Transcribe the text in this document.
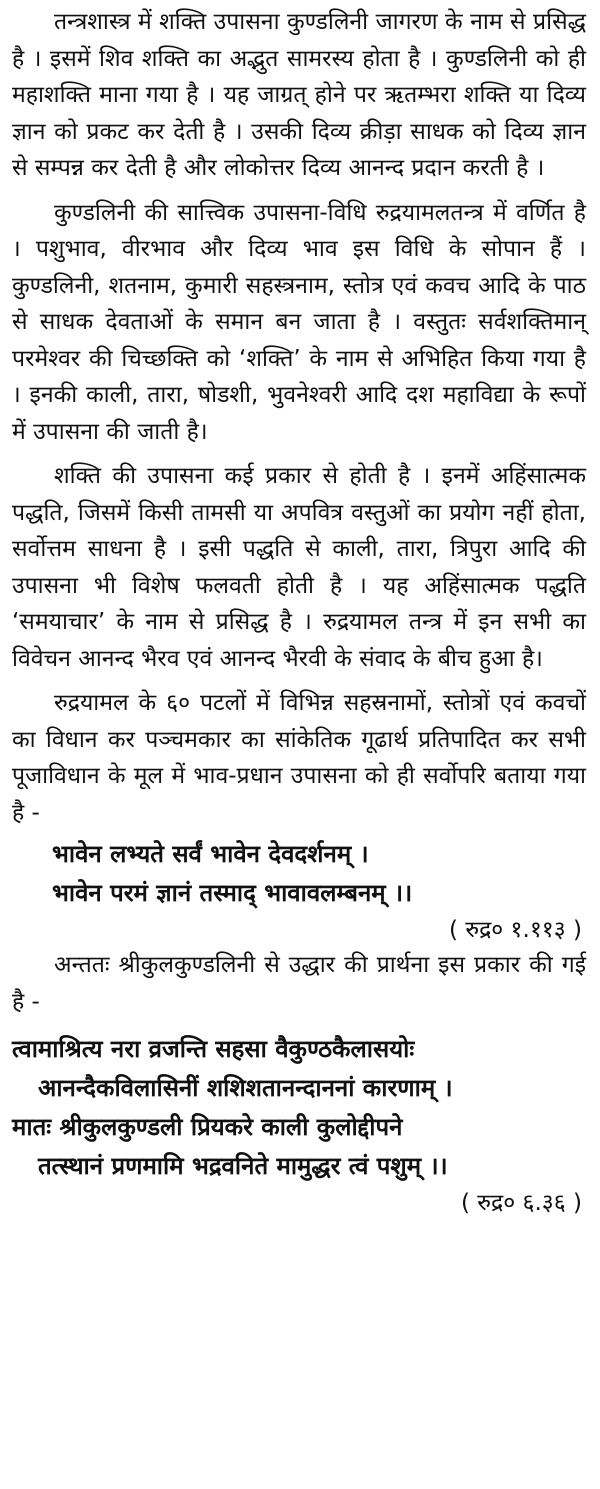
तन्त्रशास्त्र में शक्ति उपासना कुण्डलिनी जागरण के नाम से प्रसिद्ध है । इसमें शिव शक्ति का अद्भुत सामरस्य होता है । कुण्डलिनी को ही महाशक्ति माना गया है । यह जाग्रत् होने पर ऋतम्भरा शक्ति या दिव्य ज्ञान को प्रकट कर देती है । उसकी दिव्य क्रीड़ा साधक को दिव्य ज्ञान से सम्पन्न कर देती है और लोकोत्तर दिव्य आनन्द प्रदान करती है ।

कुण्डलिनी की सात्त्विक उपासना-विधि रुद्रयामलतन्त्र में वर्णित है । पशुभाव, वीरभाव और दिव्य भाव इस विधि के सोपान हैं । कुण्डलिनी, शतनाम, कुमारी सहस्त्रनाम, स्तोत्र एवं कवच आदि के पाठ से साधक देवताओं के समान बन जाता है । वस्तुतः सर्वशक्तिमान् परमेश्वर की चिच्छक्ति को ‘शक्ति’ के नाम से अभिहित किया गया है । इनकी काली, तारा, षोडशी, भुवनेश्वरी आदि दश महाविद्या के रूपों में उपासना की जाती है।

शक्ति की उपासना कई प्रकार से होती है । इनमें अहिंसात्मक पद्धति, जिसमें किसी तामसी या अपवित्र वस्तुओं का प्रयोग नहीं होता, सर्वोत्तम साधना है । इसी पद्धति से काली, तारा, त्रिपुरा आदि की उपासना भी विशेष फलवती होती है । यह अहिंसात्मक पद्धति ‘समयाचार’ के नाम से प्रसिद्ध है । रुद्रयामल तन्त्र में इन सभी का विवेचन आनन्द भैरव एवं आनन्द भैरवी के संवाद के बीच हुआ है।

रुद्रयामल के ६० पटलों में विभिन्न सहस्रनामों, स्तोत्रों एवं कवचों का विधान कर पञ्चमकार का सांकेतिक गूढार्थ प्रतिपादित कर सभी पूजाविधान के मूल में भाव-प्रधान उपासना को ही सर्वोपरि बताया गया है -

भावेन लभ्यते सर्वं भावेन देवदर्शनम् ।

भावेन परमं ज्ञानं तस्माद् भावावलम्बनम् ।।

( रुद्र० १.११३ )

अन्ततः श्रीकुलकुण्डलिनी से उद्धार की प्रार्थना इस प्रकार की गई है -

त्वामाश्रित्य नरा व्रजन्ति सहसा वैकुण्ठकैलासयोः

आनन्दैकविलासिनीं शशिशतानन्दाननां कारणाम् ।

मातः श्रीकुलकुण्डली प्रियकरे काली कुलोद्दीपने

तत्स्थानं प्रणमामि भद्रवनिते मामुद्धर त्वं पशुम् ।।

( रुद्र० ६.३६ )
